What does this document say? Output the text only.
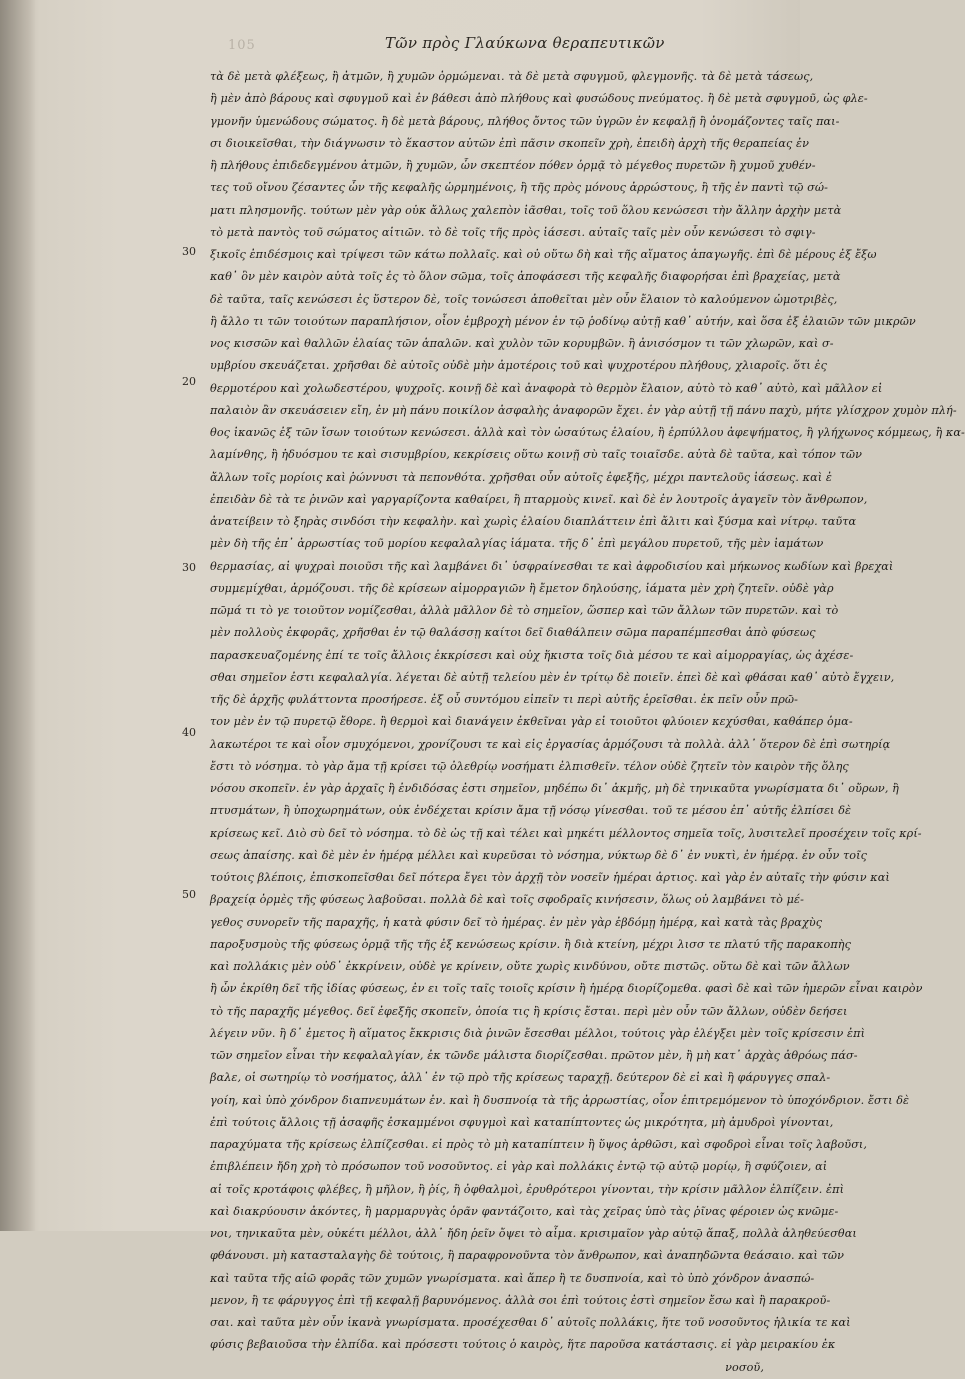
105	Τῶν πρὸς Γλαύκωνα θεραπευτικῶν
30
20
30
40
50
τὰ δὲ μετὰ φλέξεως, ἢ ἀτμῶν, ἢ χυμῶν ὁρμώμεναι. τὰ δὲ μετὰ σφυγμοῦ, φλεγμονῆς. τὰ δὲ μετὰ τάσεως,
ἢ μὲν ἀπὸ βάρους καὶ σφυγμοῦ καὶ ἐν βάθεσι ἀπὸ πλήθους καὶ φυσώδους πνεύματος. ἢ δὲ μετὰ σφυγμοῦ, ὡς φλε-
γμονῆν ὑμενώδους σώματος. ἢ δὲ μετὰ βάρους, πλήθος ὄντος τῶν ὑγρῶν ἐν κεφαλῇ ἢ ὀνομάζοντες ταῖς παι-
σι διοικεῖσθαι, τὴν διάγνωσιν τὸ ἕκαστον αὐτῶν ἐπὶ πᾶσιν σκοπεῖν χρὴ, ἐπειδὴ ἀρχὴ τῆς θεραπείας ἐν
ἢ πλήθους ἐπιδεδεγμένου ἀτμῶν, ἢ χυμῶν, ὧν σκεπτέον πόθεν ὁρμᾷ τὸ μέγεθος πυρετῶν ἢ χυμοῦ χυθέν-
τες τοῦ οἴνου ζέσαντες ὧν τῆς κεφαλῆς ὡρμημένοις, ἢ τῆς πρὸς μόνους ἀρρώστους, ἢ τῆς ἐν παντὶ τῷ σώ-
ματι πλησμονῆς. τούτων μὲν γὰρ οὐκ ἄλλως χαλεπὸν ἰᾶσθαι, τοῖς τοῦ ὅλου κενώσεσι τὴν ἄλλην ἀρχὴν μετὰ
τὸ μετὰ παντὸς τοῦ σώματος αἰτιῶν. τὸ δὲ τοῖς τῆς πρὸς ἰάσεσι. αὐταῖς ταῖς μὲν οὖν κενώσεσι τὸ σφιγ-
ξικοῖς ἐπιδέσμοις καὶ τρίψεσι τῶν κάτω πολλαῖς. καὶ οὐ οὕτω δὴ καὶ τῆς αἵματος ἀπαγωγῆς. ἐπὶ δὲ μέρους ἐξ ἔξω
καθ᾽ ὃν μὲν καιρὸν αὐτὰ τοῖς ἐς τὸ ὅλον σῶμα, τοῖς ἀποφάσεσι τῆς κεφαλῆς διαφορήσαι ἐπὶ βραχείας, μετὰ
δὲ ταῦτα, ταῖς κενώσεσι ἐς ὕστερον δὲ, τοῖς τονώσεσι ἀποθεῖται μὲν οὖν ἔλαιον τὸ καλούμενον ὠμοτριβὲς,
ἢ ἄλλο τι τῶν τοιούτων παραπλήσιον, οἷον ἐμβροχὴ μένον ἐν τῷ ῥοδίνῳ αὐτῇ καθ᾽ αὐτήν, καὶ ὅσα ἐξ ἐλαιῶν τῶν μικρῶν
νος κισσῶν καὶ θαλλῶν ἐλαίας τῶν ἁπαλῶν. καὶ χυλὸν τῶν κορυμβῶν. ἢ ἀνισόσμον τι τῶν χλωρῶν, καὶ σ-
υμβρίου σκευάζεται. χρῆσθαι δὲ αὐτοῖς οὐδὲ μὴν ἀμοτέροις τοῦ καὶ ψυχροτέρου πλήθους, χλιαροῖς. ὅτι ἐς
θερμοτέρου καὶ χολωδεστέρου, ψυχροῖς. κοινῇ δὲ καὶ ἀναφορὰ τὸ θερμὸν ἔλαιον, αὐτὸ τὸ καθ᾽ αὐτὸ, καὶ μᾶλλον εἰ
παλαιὸν ἂν σκευάσειεν εἴη, ἐν μὴ πάνυ ποικίλον ἀσφαλὴς ἀναφορῶν ἔχει. ἐν γὰρ αὐτῇ τῇ πάνυ παχὺ, μήτε γλίσχρον χυμὸν πλή-
θος ἱκανῶς ἐξ τῶν ἴσων τοιούτων κενώσεσι. ἀλλὰ καὶ τὸν ὡσαύτως ἐλαίου, ἢ ἐρπύλλου ἀφεψήματος, ἢ γλήχωνος κόμμεως, ἢ κα-
λαμίνθης, ἢ ἡδυόσμου τε καὶ σισυμβρίου, κεκρίσεις οὕτω κοινῇ σὺ ταῖς τοιαῖσδε. αὐτὰ δὲ ταῦτα, καὶ τόπον τῶν
ἄλλων τοῖς μορίοις καὶ ῥώννυσι τὰ πεπονθότα. χρῆσθαι οὖν αὐτοῖς ἐφεξῆς, μέχρι παντελοῦς ἰάσεως. καὶ ἐ
ἐπειδὰν δὲ τὰ τε ῥινῶν καὶ γαργαρίζοντα καθαίρει, ἢ πταρμοὺς κινεῖ. καὶ δὲ ἐν λουτροῖς ἀγαγεῖν τὸν ἄνθρωπον,
ἀνατείβειν τὸ ξηρὰς σινδόσι τὴν κεφαλὴν. καὶ χωρὶς ἐλαίου διαπλάττειν ἐπὶ ἄλιτι καὶ ξύσμα καὶ νίτρῳ. ταῦτα
μὲν δὴ τῆς ἐπ᾽ ἀρρωστίας τοῦ μορίου κεφαλαλγίας ἰάματα. τῆς δ᾽ ἐπὶ μεγάλου πυρετοῦ, τῆς μὲν ἰαμάτων
θερμασίας, αἱ ψυχραὶ ποιοῦσι τῆς καὶ λαμβάνει δι᾽ ὑσφραίνεσθαι τε καὶ ἀφροδισίου καὶ μήκωνος κωδίων καὶ βρεχαὶ
συμμεμίχθαι, ἁρμόζουσι. τῆς δὲ κρίσεων αἱμορραγιῶν ἢ ἔμετον δηλούσης, ἰάματα μὲν χρὴ ζητεῖν. οὐδὲ γὰρ
πῶμά τι τὸ γε τοιοῦτον νομίζεσθαι, ἀλλὰ μᾶλλον δὲ τὸ σημεῖον, ὥσπερ καὶ τῶν ἄλλων τῶν πυρετῶν. καὶ τὸ
μὲν πολλοὺς ἐκφορᾶς, χρῆσθαι ἐν τῷ θαλάσσῃ καίτοι δεῖ διαθάλπειν σῶμα παραπέμπεσθαι ἀπὸ φύσεως
παρασκευαζομένης ἐπί τε τοῖς ἄλλοις ἐκκρίσεσι καὶ οὐχ ἥκιστα τοῖς διὰ μέσου τε καὶ αἱμορραγίας, ὡς ἀχέσε-
σθαι σημεῖον ἐστι κεφαλαλγία. λέγεται δὲ αὐτῇ τελείου μὲν ἐν τρίτῳ δὲ ποιεῖν. ἐπεὶ δὲ καὶ φθάσαι καθ᾽ αὐτὸ ἔγχειν,
τῆς δὲ ἀρχῆς φυλάττοντα προσήρεσε. ἐξ οὗ συντόμου εἰπεῖν τι περὶ αὐτῆς ἐρεῖσθαι. ἐκ πεῖν οὖν πρῶ-
τον μὲν ἐν τῷ πυρετῷ ἔθορε. ἢ θερμοὶ καὶ διανάγειν ἐκθεῖναι γὰρ εἰ τοιοῦτοι φλύοιεν κεχύσθαι, καθάπερ ὁμα-
λακωτέροι τε καὶ οἷον σμυχόμενοι, χρονίζουσι τε καὶ εἰς ἐργασίας ἀρμόζουσι τὰ πολλὰ. ἀλλ᾽ ὅτερον δὲ ἐπὶ σωτηρίᾳ
ἔστι τὸ νόσημα. τὸ γὰρ ἄμα τῇ κρίσει τῷ ὀλεθρίῳ νοσήματι ἐλπισθεῖν. τέλον οὐδὲ ζητεῖν τὸν καιρὸν τῆς ὅλης
νόσου σκοπεῖν. ἐν γὰρ ἀρχαῖς ἢ ἐνδιδόσας ἐστι σημεῖον, μηδέπω δι᾽ ἀκμῆς, μὴ δὲ τηνικαῦτα γνωρίσματα δι᾽ οὔρων, ἢ
πτυσμάτων, ἢ ὑποχωρημάτων, οὐκ ἐνδέχεται κρίσιν ἄμα τῇ νόσῳ γίνεσθαι. τοῦ τε μέσου ἐπ᾽ αὐτῆς ἐλπίσει δὲ
κρίσεως κεῖ. Διὸ σὺ δεῖ τὸ νόσημα. τὸ δὲ ὡς τῇ καὶ τέλει καὶ μηκέτι μέλλοντος σημεῖα τοῖς, λυσιτελεῖ προσέχειν τοῖς κρί-
σεως ἀπαίσης. καὶ δὲ μὲν ἐν ἡμέρᾳ μέλλει καὶ κυρεῦσαι τὸ νόσημα, νύκτωρ δὲ δ᾽ ἐν νυκτὶ, ἐν ἡμέρᾳ. ἐν οὖν τοῖς
τούτοις βλέποις, ἐπισκοπεῖσθαι δεῖ πότερα ἔγει τὸν ἀρχῇ τὸν νοσεῖν ἡμέραι ἀρτιος. καὶ γὰρ ἐν αὐταῖς τὴν φύσιν καὶ
βραχείᾳ ὁρμὲς τῆς φύσεως λαβοῦσαι. πολλὰ δὲ καὶ τοῖς σφοδραῖς κινήσεσιν, ὅλως οὐ λαμβάνει τὸ μέ-
γεθος συνορεῖν τῆς παραχῆς, ἡ κατὰ φύσιν δεῖ τὸ ἡμέρας. ἐν μὲν γὰρ ἐβδόμῃ ἡμέρᾳ, καὶ κατὰ τὰς βραχὺς
παροξυσμοὺς τῆς φύσεως ὁρμᾷ τῆς τῆς ἐξ κενώσεως κρίσιν. ἢ διὰ κτείνη, μέχρι λισσ τε πλατύ τῆς παρακοπὴς
καὶ πολλάκις μὲν οὐδ᾽ ἐκκρίνειν, οὐδὲ γε κρίνειν, οὔτε χωρὶς κινδύνου, οὔτε πιστῶς. οὕτω δὲ καὶ τῶν ἄλλων
ἢ ὧν ἐκρίθη δεῖ τῆς ἰδίας φύσεως, ἐν ει τοῖς ταῖς τοιοῖς κρίσιν ἢ ἡμέρᾳ διορίζομεθα. φασὶ δὲ καὶ τῶν ἡμερῶν εἶναι καιρὸν
τὸ τῆς παραχῆς μέγεθος. δεῖ ἐφεξῆς σκοπεῖν, ὁποία τις ἢ κρίσις ἔσται. περὶ μὲν οὖν τῶν ἄλλων, οὐδὲν δεήσει
λέγειν νῦν. ἢ δ᾽ ἐμετος ἢ αἵματος ἔκκρισις διὰ ῥινῶν ἔσεσθαι μέλλοι, τούτοις γὰρ ἐλέγξει μὲν τοῖς κρίσεσιν ἐπὶ
τῶν σημεῖον εἶναι τὴν κεφαλαλγίαν, ἐκ τῶνδε μάλιστα διορίζεσθαι. πρῶτον μὲν, ἢ μὴ κατ᾽ ἀρχὰς ἀθρόως πάσ-
βαλε, οἱ σωτηρίῳ τὸ νοσήματος, ἀλλ᾽ ἐν τῷ πρὸ τῆς κρίσεως ταραχῇ. δεύτερον δὲ εἰ καὶ ἢ φάρυγγες σπαλ-
γοίη, καὶ ὑπὸ χόνδρον διαπνευμάτων ἐν. καὶ ἢ δυσπνοίᾳ τὰ τῆς ἀρρωστίας, οἷον ἐπιτρεμόμενον τὸ ὑποχόνδριον. ἔστι δὲ
ἐπὶ τούτοις ἄλλοις τῇ ἀσαφῆς ἐσκαμμένοι σφυγμοὶ καὶ καταπίπτοντες ὡς μικρότητα, μὴ ἀμυδροὶ γίνονται,
παραχύματα τῆς κρίσεως ἐλπίζεσθαι. εἰ πρὸς τὸ μὴ καταπίπτειν ἢ ὕψος ἀρθῶσι, καὶ σφοδροὶ εἶναι τοῖς λαβοῦσι,
ἐπιβλέπειν ἤδη χρὴ τὸ πρόσωπον τοῦ νοσοῦντος. εἰ γὰρ καὶ πολλάκις ἐντῷ τῷ αὐτῷ μορίῳ, ἢ σφύζοιεν, αἱ
αἱ τοῖς κροτάφοις φλέβες, ἢ μῆλον, ἢ ῥίς, ἢ ὀφθαλμοὶ, ἐρυθρότεροι γίνονται, τὴν κρίσιν μᾶλλον ἐλπίζειν. ἐπὶ
καὶ διακρύουσιν ἀκόντες, ἢ μαρμαρυγὰς ὁρᾶν φαντάζοιτο, καὶ τὰς χεῖρας ὑπὸ τὰς ῥῖνας φέροιεν ὡς κνῶμε-
νοι, τηνικαῦτα μὲν, οὐκέτι μέλλοι, ἀλλ᾽ ἤδη ῥεῖν ὄψει τὸ αἷμα. κρισιμαῖον γὰρ αὐτῷ ἅπαξ, πολλὰ ἀληθεύεσθαι
φθάνουσι. μὴ κατασταλαγὴς δὲ τούτοις, ἢ παραφρονοῦντα τὸν ἄνθρωπον, καὶ ἀναπηδῶντα θεάσαιο. καὶ τῶν
καὶ ταῦτα τῆς αἰῶ φορᾶς τῶν χυμῶν γνωρίσματα. καὶ ἅπερ ἢ τε δυσπνοία, καὶ τὸ ὑπὸ χόνδρον ἀνασπώ-
μενον, ἢ τε φάρυγγος ἐπὶ τῇ κεφαλῇ βαρυνόμενος. ἀλλὰ σοι ἐπὶ τούτοις ἐστὶ σημεῖον ἔσω καὶ ἢ παρακροῦ-
σαι. καὶ ταῦτα μὲν οὖν ἱκανὰ γνωρίσματα. προσέχεσθαι δ᾽ αὐτοῖς πολλάκις, ἥτε τοῦ νοσοῦντος ἡλικία τε καὶ
φύσις βεβαιοῦσα τὴν ἐλπίδα. καὶ πρόσεστι τούτοις ὁ καιρὸς, ἥτε παροῦσα κατάστασις. εἰ γὰρ μειρακίου ἐκ
νοσοῦ,
